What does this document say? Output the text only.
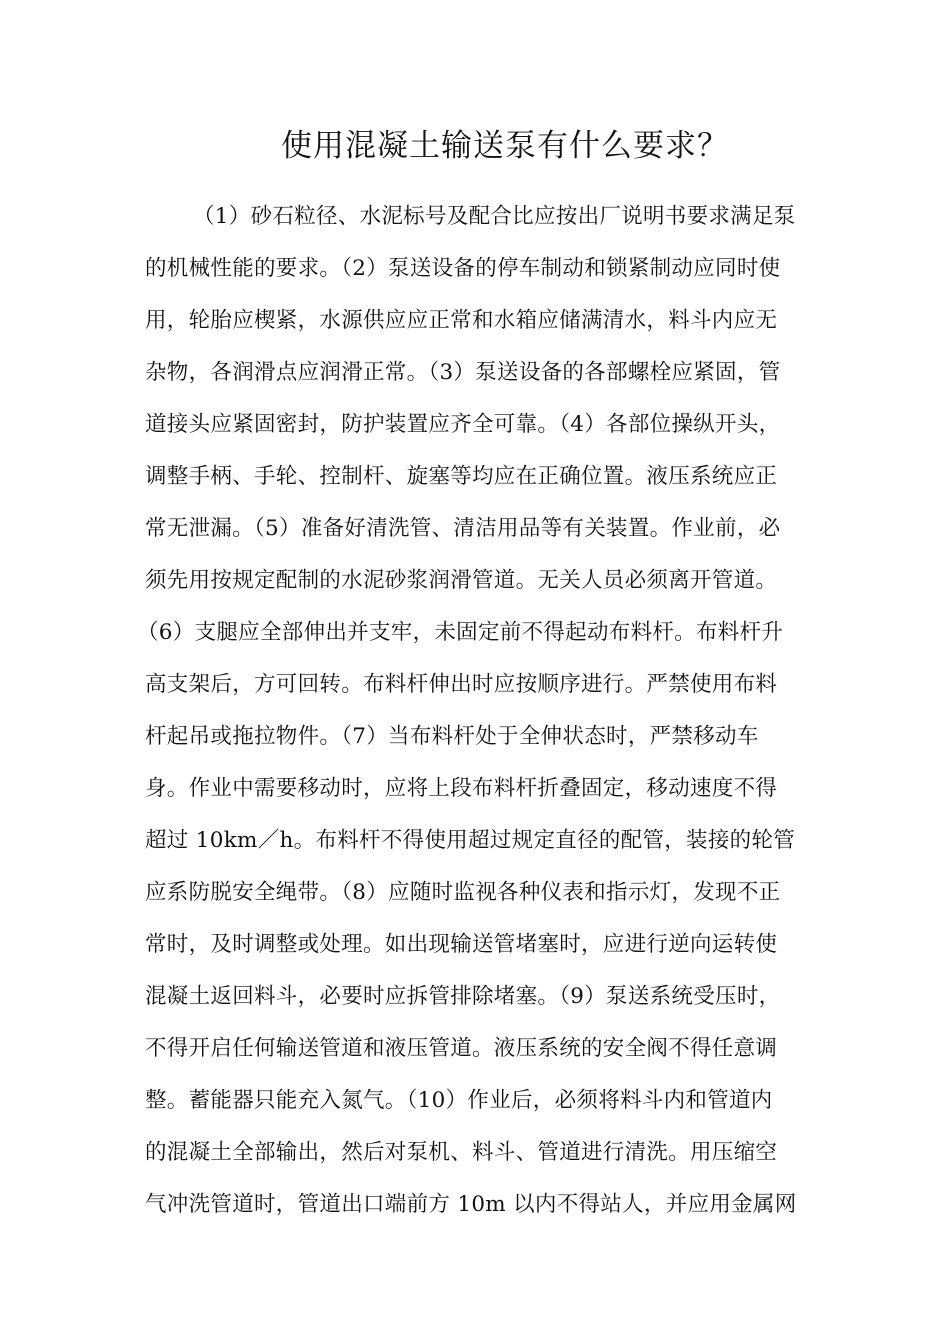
使用混凝土输送泵有什么要求？
（1）砂石粒径、水泥标号及配合比应按出厂说明书要求满足泵
的机械性能的要求。（2）泵送设备的停车制动和锁紧制动应同时使
用，轮胎应楔紧，水源供应应正常和水箱应储满清水，料斗内应无
杂物，各润滑点应润滑正常。（3）泵送设备的各部螺栓应紧固，管
道接头应紧固密封，防护装置应齐全可靠。（4）各部位操纵开头，
调整手柄、手轮、控制杆、旋塞等均应在正确位置。液压系统应正
常无泄漏。（5）准备好清洗管、清洁用品等有关装置。作业前，必
须先用按规定配制的水泥砂浆润滑管道。无关人员必须离开管道。
（6）支腿应全部伸出并支牢，未固定前不得起动布料杆。布料杆升
高支架后，方可回转。布料杆伸出时应按顺序进行。严禁使用布料
杆起吊或拖拉物件。（7）当布料杆处于全伸状态时，严禁移动车
身。作业中需要移动时，应将上段布料杆折叠固定，移动速度不得
超过 10km／h。布料杆不得使用超过规定直径的配管，装接的轮管
应系防脱安全绳带。（8）应随时监视各种仪表和指示灯，发现不正
常时，及时调整或处理。如出现输送管堵塞时，应进行逆向运转使
混凝土返回料斗，必要时应拆管排除堵塞。（9）泵送系统受压时，
不得开启任何输送管道和液压管道。液压系统的安全阀不得任意调
整。蓄能器只能充入氮气。（10）作业后，必须将料斗内和管道内
的混凝土全部输出，然后对泵机、料斗、管道进行清洗。用压缩空
气冲洗管道时，管道出口端前方 10m 以内不得站人，并应用金属网
